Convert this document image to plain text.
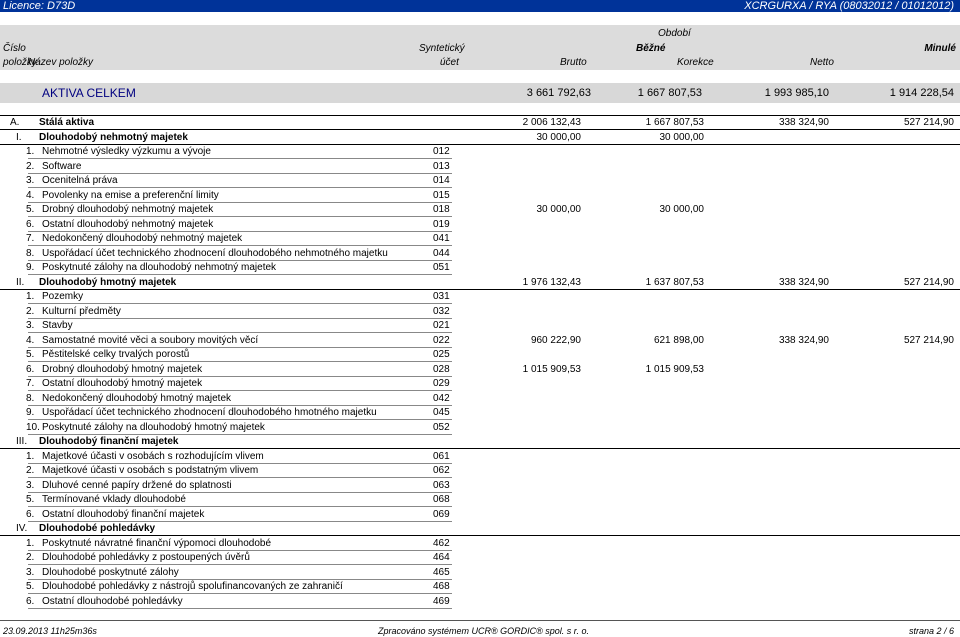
Licence: D73D	XCRGURXA / RYA (08032012 / 01012012)
Období
Číslo	Syntetický	Běžné	Minulé
položky
Název položky	účet	Brutto	Korekce	Netto
AKTIVA CELKEM	3 661 792,63	1 667 807,53	1 993 985,10	1 914 228,54
A. Stálá aktiva	2 006 132,43	1 667 807,53	338 324,90	527 214,90
I. Dlouhodobý nehmotný majetek	30 000,00	30 000,00
1. Nehmotné výsledky výzkumu a vývoje	012
2. Software	013
3. Ocenitelná práva	014
4. Povolenky na emise a preferenční limity	015
5. Drobný dlouhodobý nehmotný majetek	018	30 000,00	30 000,00
6. Ostatní dlouhodobý nehmotný majetek	019
7. Nedokončený dlouhodobý nehmotný majetek	041
8. Uspořádací účet technického zhodnocení dlouhodobého nehmotného majetku	044
9. Poskytnuté zálohy na dlouhodobý nehmotný majetek	051
II. Dlouhodobý hmotný majetek	1 976 132,43	1 637 807,53	338 324,90	527 214,90
1. Pozemky	031
2. Kulturní předměty	032
3. Stavby	021
4. Samostatné movité věci a soubory movitých věcí	022	960 222,90	621 898,00	338 324,90	527 214,90
5. Pěstitelské celky trvalých porostů	025
6. Drobný dlouhodobý hmotný majetek	028	1 015 909,53	1 015 909,53
7. Ostatní dlouhodobý hmotný majetek	029
8. Nedokončený dlouhodobý hmotný majetek	042
9. Uspořádací účet technického zhodnocení dlouhodobého hmotného majetku	045
10. Poskytnuté zálohy na dlouhodobý hmotný majetek	052
III. Dlouhodobý finanční majetek
1. Majetkové účasti v osobách s rozhodujícím vlivem	061
2. Majetkové účasti v osobách s podstatným vlivem	062
3. Dluhové cenné papíry držené do splatnosti	063
5. Termínované vklady dlouhodobé	068
6. Ostatní dlouhodobý finanční majetek	069
IV. Dlouhodobé pohledávky
1. Poskytnuté návratné finanční výpomoci dlouhodobé	462
2. Dlouhodobé pohledávky z postoupených úvěrů	464
3. Dlouhodobé poskytnuté zálohy	465
5. Dlouhodobé pohledávky z nástrojů spolufinancovaných ze zahraničí	468
6. Ostatní dlouhodobé pohledávky	469
23.09.2013 11h25m36s	Zpracováno systémem UCR® GORDIC® spol. s r. o.	strana 2 / 6
